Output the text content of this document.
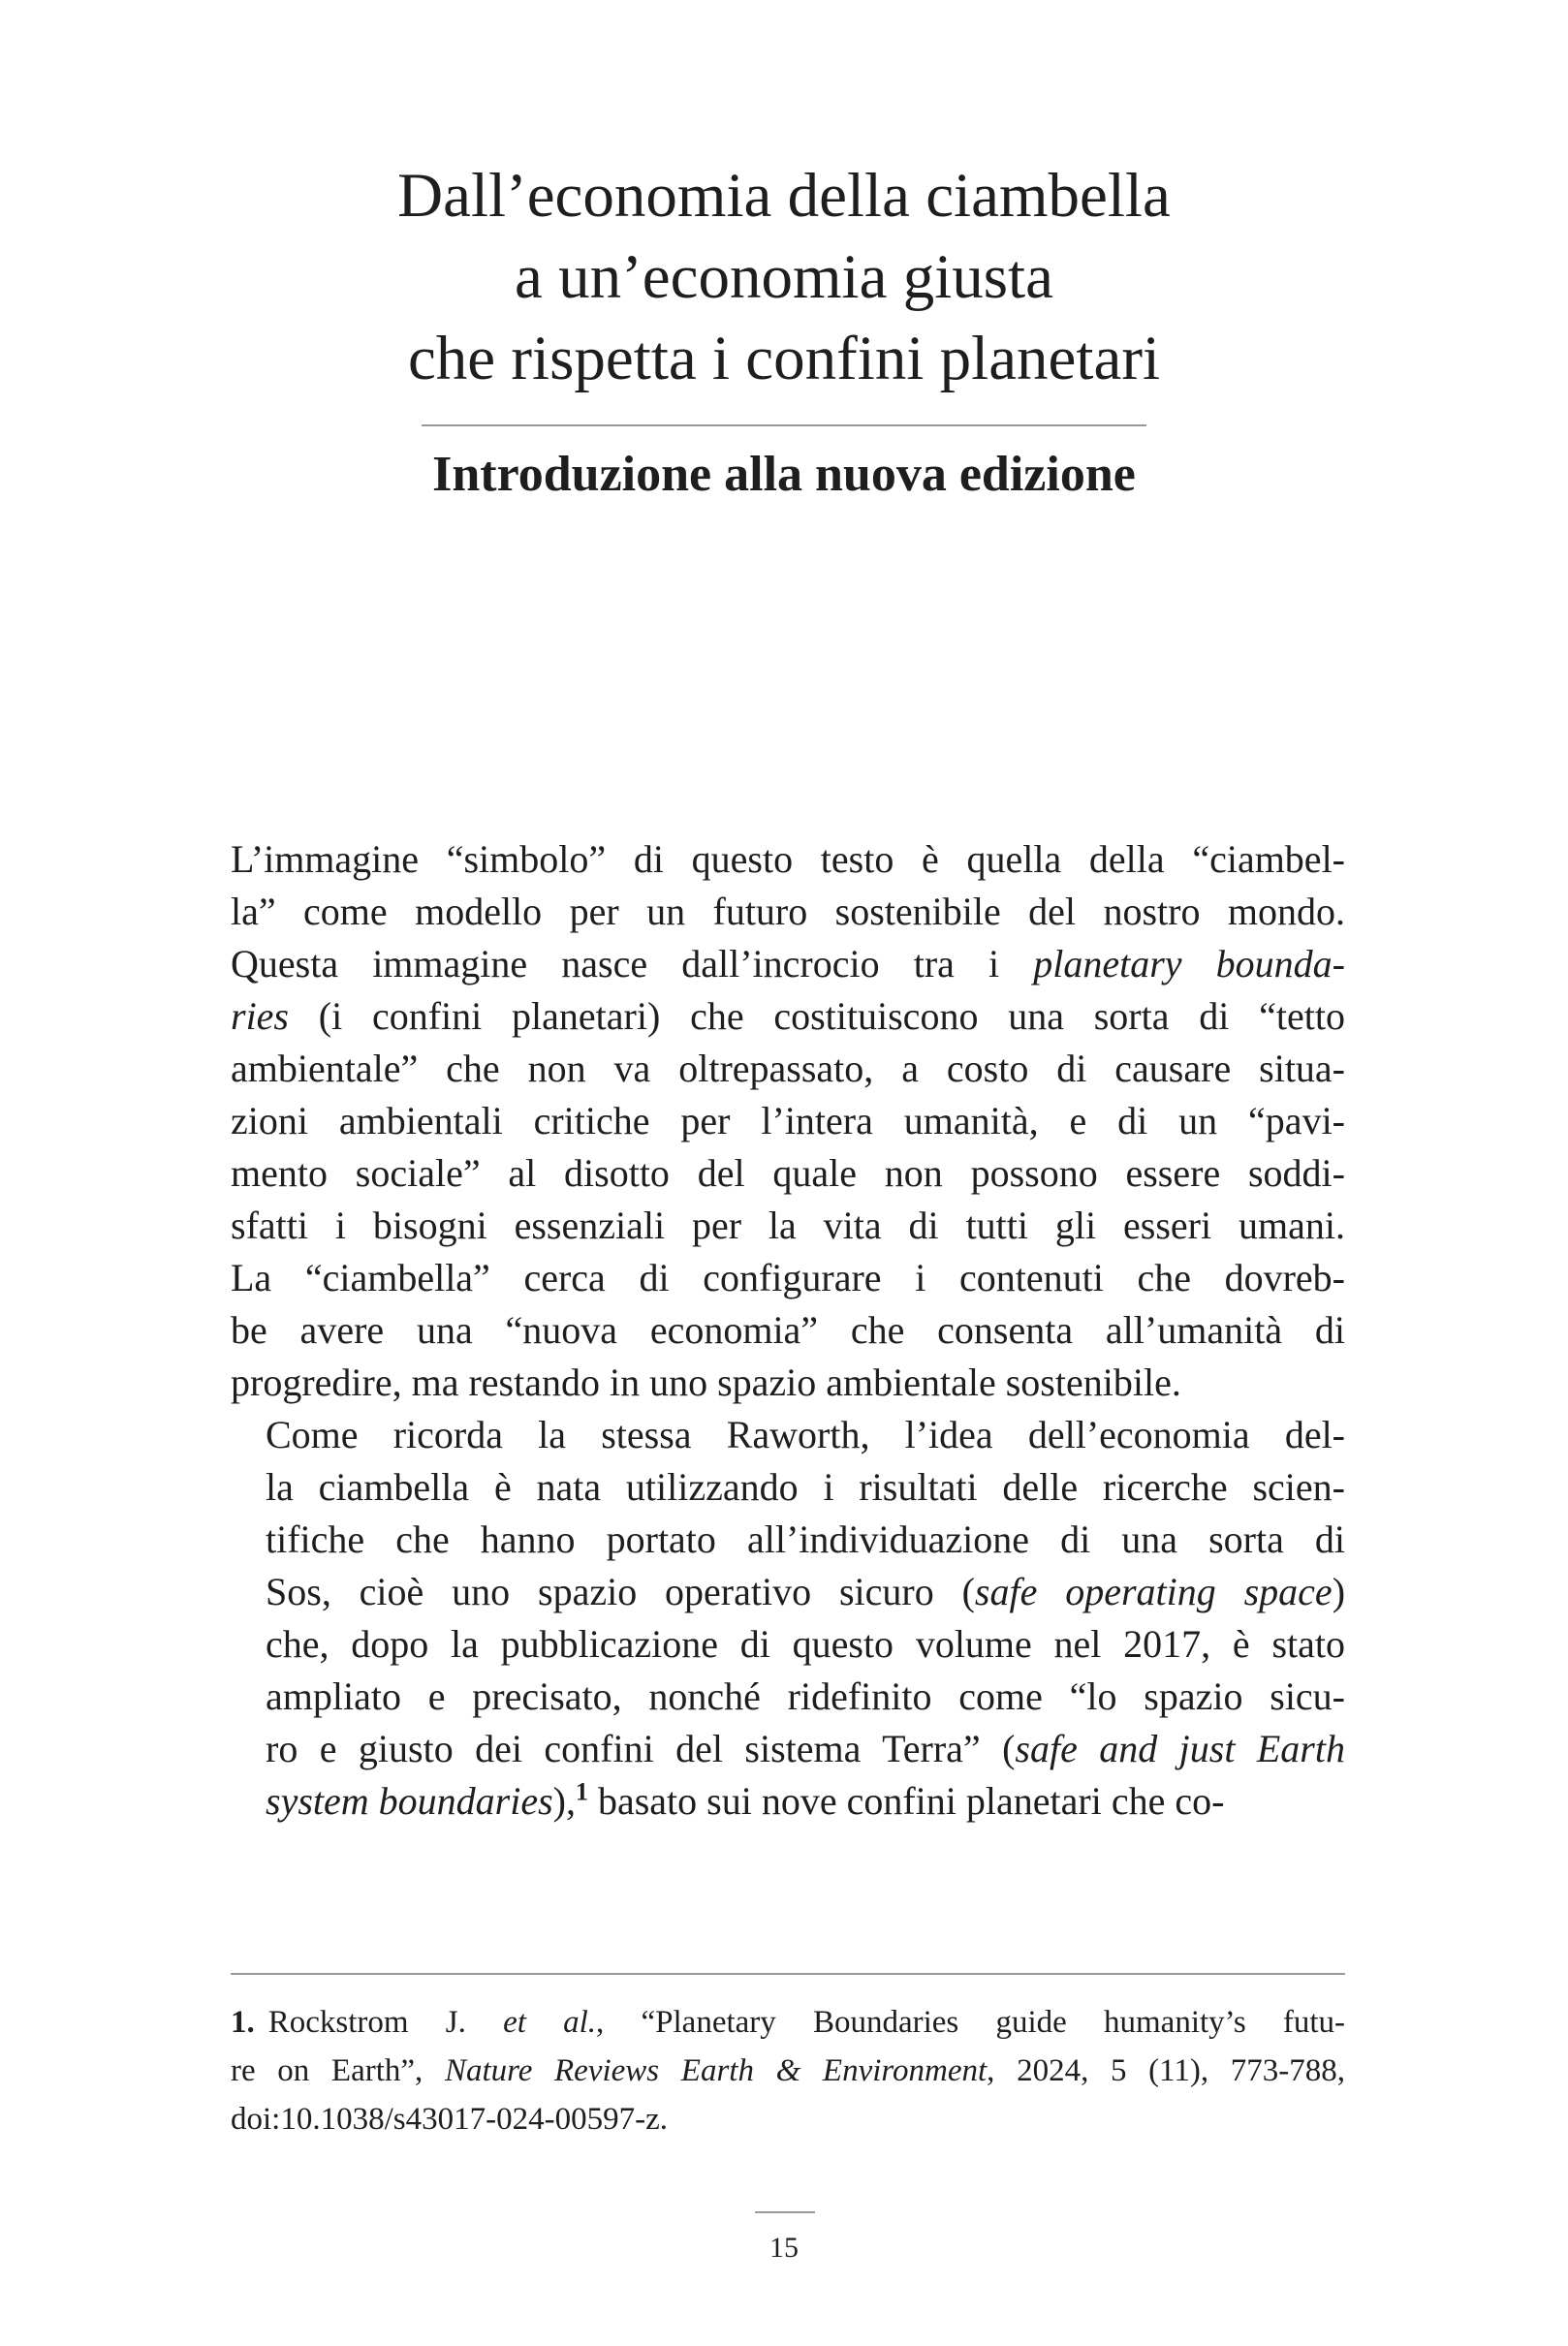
Dall’economia della ciambella
a un’economia giusta
che rispetta i confini planetari
Introduzione alla nuova edizione

L’immagine “simbolo” di questo testo è quella della “ciambel-
la” come modello per un futuro sostenibile del nostro mondo.
Questa immagine nasce dall’incrocio tra i planetary bounda-
ries (i confini planetari) che costituiscono una sorta di “tetto
ambientale” che non va oltrepassato, a costo di causare situa-
zioni ambientali critiche per l’intera umanità, e di un “pavi-
mento sociale” al disotto del quale non possono essere soddi-
sfatti i bisogni essenziali per la vita di tutti gli esseri umani.
La “ciambella” cerca di configurare i contenuti che dovreb-
be avere una “nuova economia” che consenta all’umanità di
progredire, ma restando in uno spazio ambientale sostenibile.

Come ricorda la stessa Raworth, l’idea dell’economia del-
la ciambella è nata utilizzando i risultati delle ricerche scien-
tifiche che hanno portato all’individuazione di una sorta di
Sos, cioè uno spazio operativo sicuro (safe operating space)
che, dopo la pubblicazione di questo volume nel 2017, è stato
ampliato e precisato, nonché ridefinito come “lo spazio sicu-
ro e giusto dei confini del sistema Terra” (safe and just Earth
system boundaries),$^1$ basato sui nove confini planetari che co-

1. Rockstrom J. et al., “Planetary Boundaries guide humanity’s futu-
re on Earth”, Nature Reviews Earth & Environment, 2024, 5 (11), 773-788,
doi:10.1038/s43017-024-00597-z.
15
